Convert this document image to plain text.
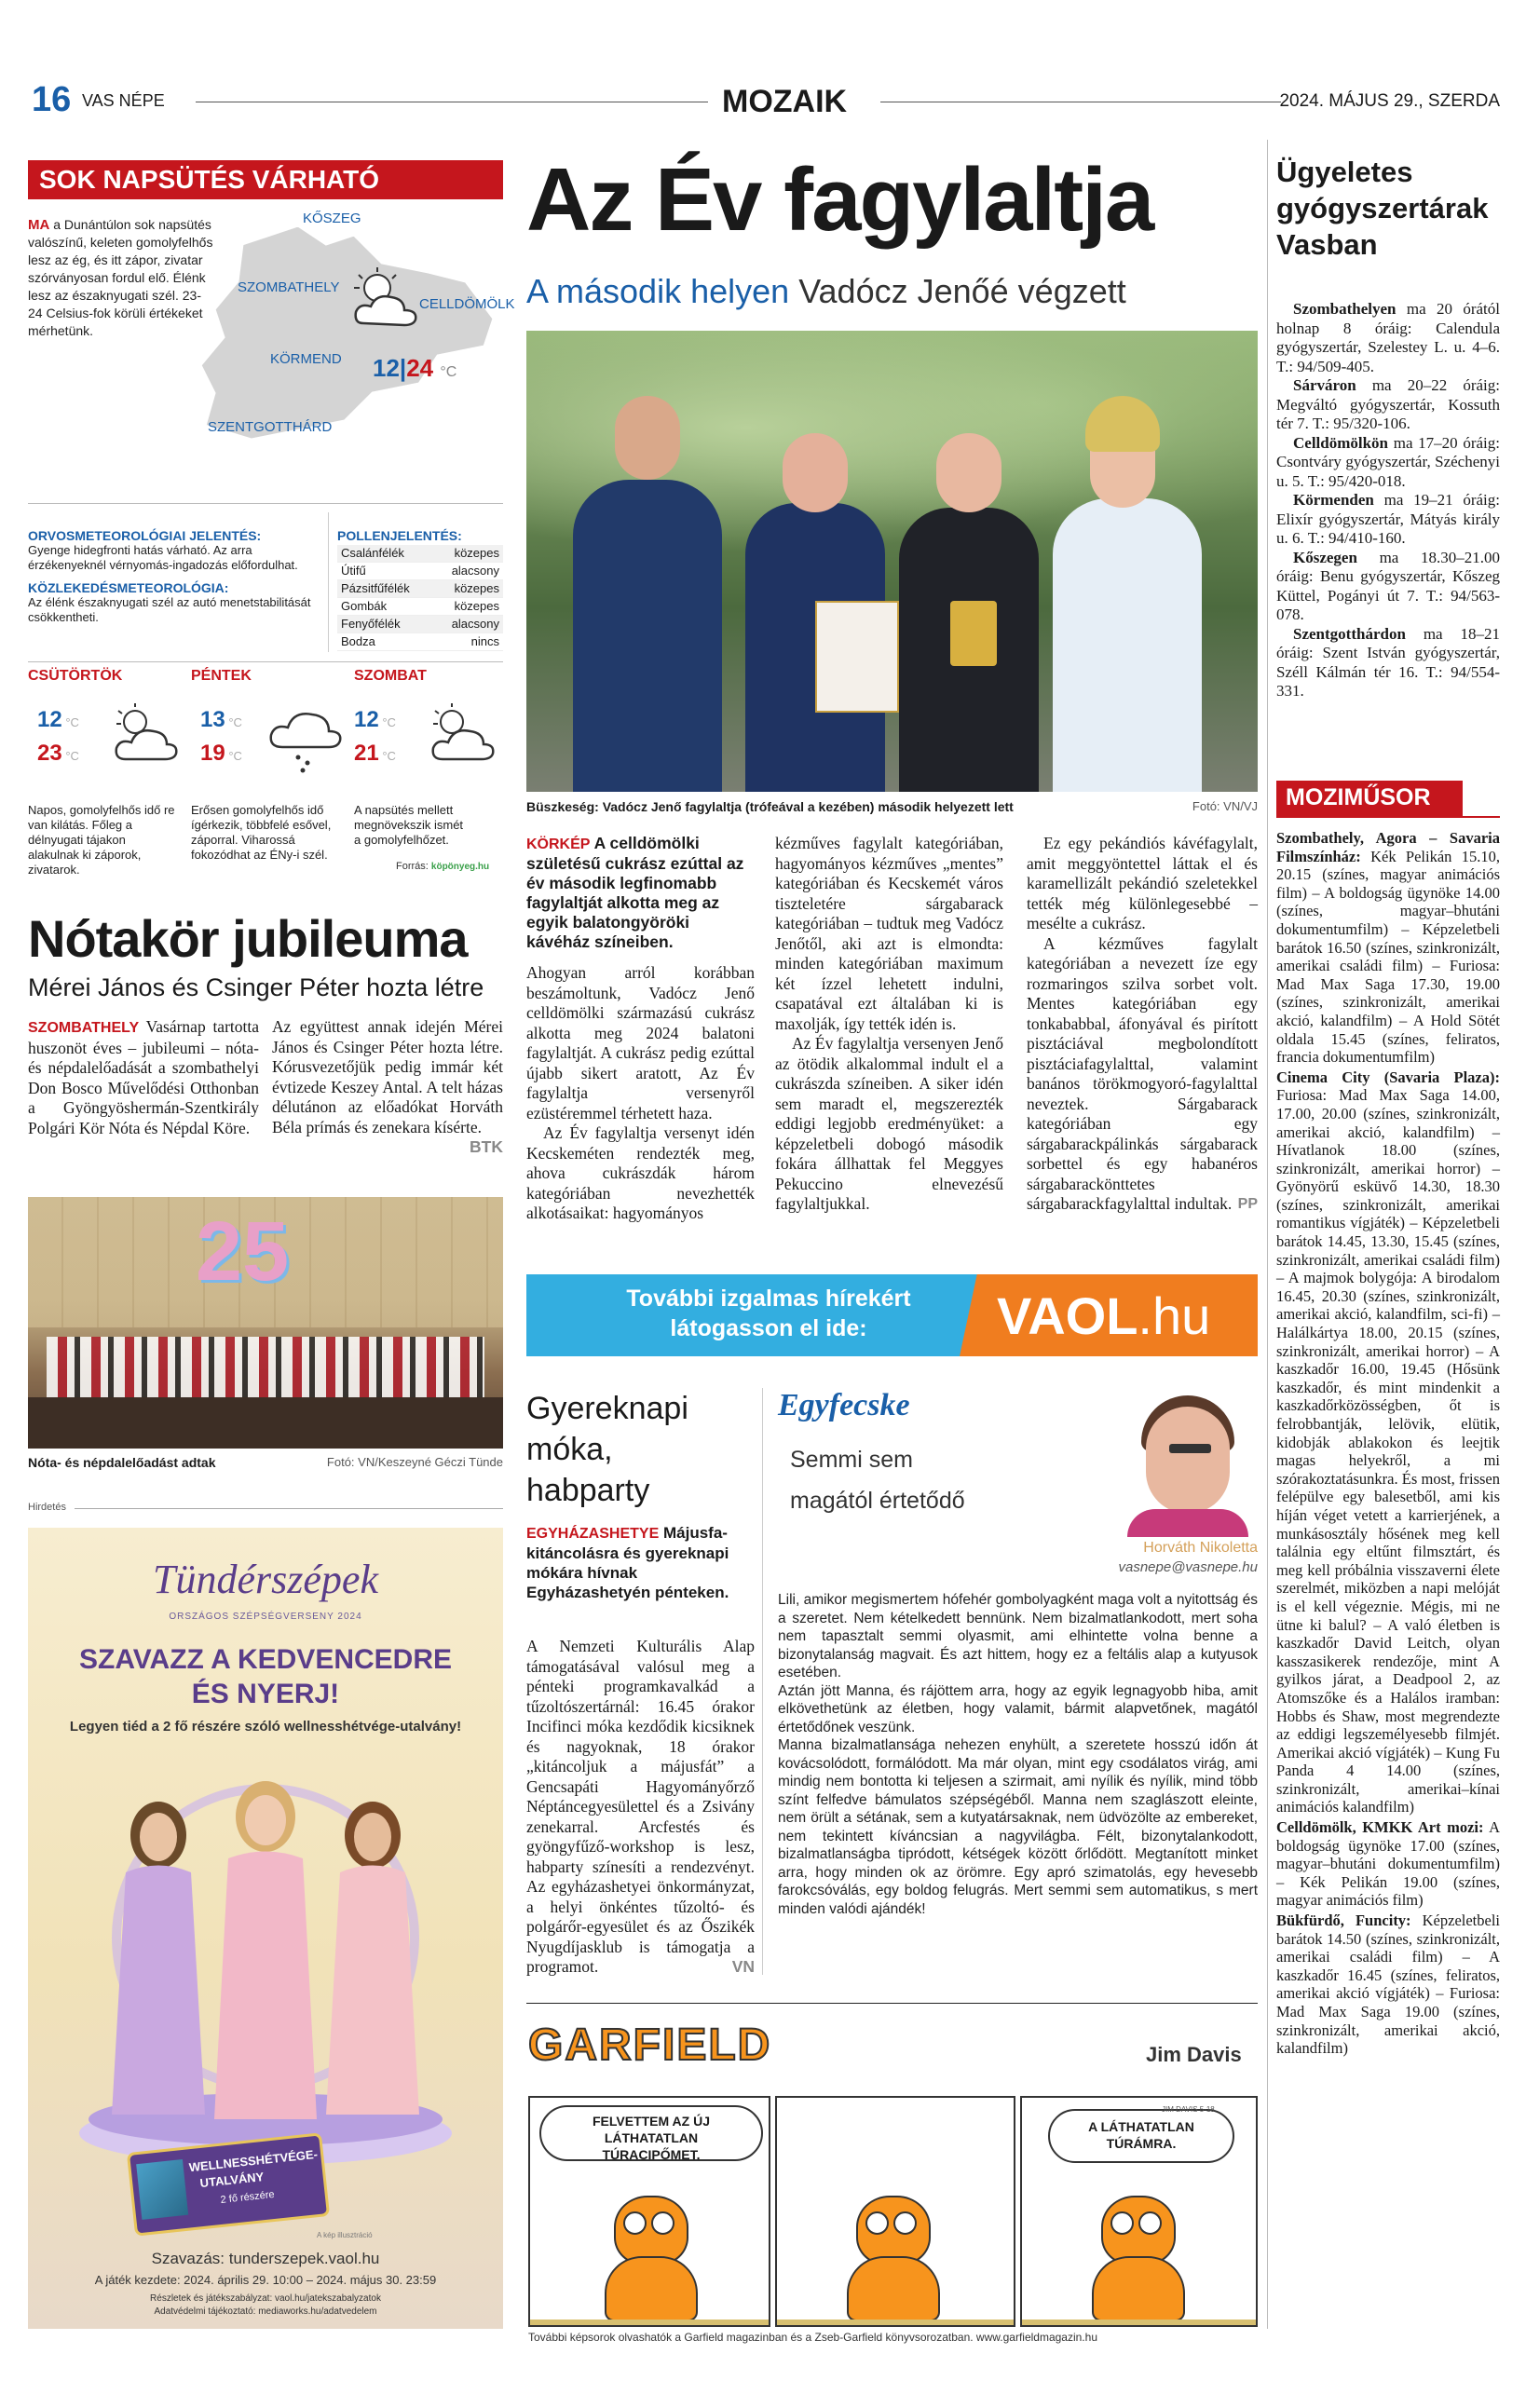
16 VAS NÉPE	MOZAIK	2024. MÁJUS 29., SZERDA
SOK NAPSÜTÉS VÁRHATÓ
MA a Dunántúlon sok napsütés valószínű, keleten gomolyfelhős lesz az ég, és itt zápor, zivatar szórványosan fordul elő. Élénk lesz az északnyugati szél. 23-24 Celsius-fok körüli értékeket mérhetünk.
KŐSZEG
SZOMBATHELY
CELLDÖMÖLK
KÖRMEND
SZENTGOTTHÁRD
12|24 °C
ORVOSMETEOROLÓGIAI JELENTÉS:
Gyenge hidegfronti hatás várható. Az arra érzékenyeknél vérnyomás-ingadozás előfordulhat.
KÖZLEKEDÉSMETEOROLÓGIA:
Az élénk északnyugati szél az autó menetstabilitását csökkentheti.
POLLENJELENTÉS:
Csalánfélék	közepes
Útifű	alacsony
Pázsitfűfélék	közepes
Gombák	közepes
Fenyőfélék	alacsony
Bodza	nincs
CSÜTÖRTÖK
12 °C
23 °C
Napos, gomolyfelhős idő re van kilátás. Főleg a délnyugati tájakon alakulnak ki záporok, zivatarok.
PÉNTEK
13 °C
19 °C
Erősen gomolyfelhős idő ígérkezik, többfelé esővel, záporral. Viharossá fokozódhat az ÉNy-i szél.
SZOMBAT
12 °C
21 °C
A napsütés mellett megnövekszik ismét a gomolyfelhőzet.
Forrás: köpönyeg.hu
Nótakör jubileuma
Mérei János és Csinger Péter hozta létre
SZOMBATHELY Vasárnap tartotta huszonöt éves – jubileumi – nóta- és népdalelőadását a szombathelyi Don Bosco Művelődési Otthonban a Gyöngyöshermán-Szentkirály Polgári Kör Nóta és Népdal Köre.
Az együttest annak idején Mérei János és Csinger Péter hozta létre. Kórusvezetőjük pedig immár két évtizede Keszey Antal. A telt házas délutánon az előadókat Horváth Béla prímás és zenekara kísérte.
BTK
25
Nóta- és népdalelőadást adtak	Fotó: VN/Keszeyné Géczi Tünde
Hirdetés
Tündérszépek
ORSZÁGOS SZÉPSÉGVERSENY 2024
SZAVAZZ A KEDVENCEDRE
ÉS NYERJ!
Legyen tiéd a 2 fő részére szóló wellnesshétvége-utalvány!
WELLNESSHÉTVÉGE-
UTALVÁNY
2 fő részére
A kép illusztráció
Szavazás: tunderszepek.vaol.hu
A játék kezdete: 2024. április 29. 10:00 – 2024. május 30. 23:59
Részletek és játékszabályzat: vaol.hu/jatekszabalyzatok
Adatvédelmi tájékoztató: mediaworks.hu/adatvedelem
Az Év fagylaltja
A második helyen Vadócz Jenőé végzett
Büszkeség: Vadócz Jenő fagylaltja (trófeával a kezében) második helyezett lett	Fotó: VN/VJ
KÖRKÉP A celldömölki születésű cukrász ezúttal az év második legfinomabb fagylaltját alkotta meg az egyik balatongyöröki kávéház színeiben.

Ahogyan arról korábban beszámoltunk, Vadócz Jenő celldömölki származású cukrász alkotta meg 2024 balatoni fagylaltját. A cukrász pedig ezúttal újabb sikert aratott, Az Év fagylaltja versenyről ezüstéremmel térhetett haza.

Az Év fagylaltja versenyt idén Kecskeméten rendezték meg, ahova cukrászdák három kategóriában nevezhették alkotásaikat: hagyományos

kézműves fagylalt kategóriában, hagyományos kézműves „mentes” kategóriában és Kecskemét város tiszteletére sárgabarack kategóriában – tudtuk meg Vadócz Jenőtől, aki azt is elmondta: minden kategóriában maximum két ízzel lehetett indulni, csapatával ezt általában ki is maxolják, így tették idén is.

Az Év fagylaltja versenyen Jenő az ötödik alkalommal indult el a cukrászda színeiben. A siker idén sem maradt el, megszerezték eddigi legjobb eredményüket: a képzeletbeli dobogó második fokára állhattak fel Meggyes Pekuccino elnevezésű fagylaltjukkal.

Ez egy pekándiós kávéfagylalt, amit meggyöntettel láttak el és karamellizált pekándió szeletekkel tették még különlegesebbé – mesélte a cukrász.

A kézműves fagylalt kategóriában a nevezett íze egy rozmaringos szilva sorbet volt. Mentes kategóriában egy tonkababbal, áfonyával és pirított pisztáciával megbolondított pisztáciafagylalttal, valamint banános törökmogyoró-fagylalttal neveztek. Sárgabarack kategóriában egy sárgabarackpálinkás sárgabarack sorbettel és egy habanéros sárgabarackönttetes sárgabarackfagylalttal indultak. PP
További izgalmas hírekért
látogasson el ide:	VAOL.hu
Gyereknapi
móka,
habparty
EGYHÁZASHETYE Májusfa-kitáncolásra és gyereknapi mókára hívnak Egyházashetyén pénteken.
A Nemzeti Kulturális Alap támogatásával valósul meg a pénteki programkavalkád a tűzoltószertárnál: 16.45 órakor Incifinci móka kezdődik kicsiknek és nagyoknak, 18 órakor „kitáncoljuk a májusfát” a Gencsapáti Hagyományőrző Néptáncegyesülettel és a Zsivány zenekarral. Arcfestés és gyöngyfűző-workshop is lesz, habparty színesíti a rendezvényt. Az egyházashetyei önkormányzat, a helyi önkéntes tűzoltó- és polgárőr-egyesület és az Őszikék Nyugdíjasklub is támogatja a programot.	VN
Egyfecske
Semmi sem
magától értetődő
Horváth Nikoletta
vasnepe@vasnepe.hu

Lili, amikor megismertem hófehér gombolyagként maga volt a nyitottság és a szeretet. Nem kételkedett bennünk. Nem bizalmatlankodott, mert soha nem tapasztalt semmi olyasmit, ami elhintette volna benne a bizonytalanság magvait. És azt hittem, hogy ez a feltális alap a kutyusok esetében.

Aztán jött Manna, és rájöttem arra, hogy az egyik legnagyobb hiba, amit elkövethetünk az életben, hogy valamit, bármit alapvetőnek, magától értetődőnek veszünk.

Manna bizalmatlansága nehezen enyhült, a szeretete hosszú időn át kovácsolódott, formálódott. Ma már olyan, mint egy csodálatos virág, ami mindig nem bontotta ki teljesen a szirmait, ami nyílik és nyílik, mind több színt felfedve bámulatos szépségéből. Manna nem szaglászott eleinte, nem örült a sétának, sem a kutyatársaknak, nem üdvözölte az embereket, nem tekintett kíváncsian a nagyvilágba. Félt, bizonytalankodott, bizalmatlanságba tipródott, kétségek között őrlődött. Megtanított minket arra, hogy minden ok az örömre. Egy apró szimatolás, egy hevesebb farokcsóválás, egy boldog felugrás. Mert semmi sem automatikus, s mert minden valódi ajándék!

GARFIELD	Jim Davis
FELVETTEM AZ ÚJ LÁTHATATLAN TÚRACIPŐMET.
A LÁTHATATLAN TÚRÁMRA.
JIM DAVIS 5-18
További képsorok olvashatók a Garfield magazinban és a Zseb-Garfield könyvsorozatban. www.garfieldmagazin.hu
Ügyeletes gyógyszertárak Vasban

Szombathelyen ma 20 órától holnap 8 óráig: Calendula gyógyszertár, Szelestey L. u. 4–6. T.: 94/509-405.

Sárváron ma 20–22 óráig: Megváltó gyógyszertár, Kossuth tér 7. T.: 95/320-106.

Celldömölkön ma 17–20 óráig: Csontváry gyógyszertár, Széchenyi u. 5. T.: 95/420-018.

Körmenden ma 19–21 óráig: Elixír gyógyszertár, Mátyás király u. 6. T.: 94/410-160.

Kőszegen ma 18.30–21.00 óráig: Benu gyógyszertár, Kőszeg Küttel, Pogányi út 7. T.: 94/563-078.

Szentgotthárdon ma 18–21 óráig: Szent István gyógyszertár, Széll Kálmán tér 16. T.: 94/554-331.

MOZIMŰSOR

Szombathely, Agora – Savaria Filmszínház: Kék Pelikán 15.10, 20.15 (színes, magyar animációs film) – A boldogság ügynöke 14.00 (színes, magyar–bhutáni dokumentumfilm) – Képzeletbeli barátok 16.50 (színes, szinkronizált, amerikai családi film) – Furiosa: Mad Max Saga 17.30, 19.00 (színes, szinkronizált, amerikai akció, kalandfilm) – A Hold Sötét oldala 15.45 (színes, feliratos, francia dokumentumfilm)

Cinema City (Savaria Plaza): Furiosa: Mad Max Saga 14.00, 17.00, 20.00 (színes, szinkronizált, amerikai akció, kalandfilm) – Hívatlanok 18.00 (színes, szinkronizált, amerikai horror) – Gyönyörű esküvő 14.30, 18.30 (színes, szinkronizált, amerikai romantikus vígjáték) – Képzeletbeli barátok 14.45, 13.30, 15.45 (színes, szinkronizált, amerikai családi film) – A majmok bolygója: A birodalom 16.45, 20.30 (színes, szinkronizált, amerikai akció, kalandfilm, sci-fi) – Halálkártya 18.00, 20.15 (színes, szinkronizált, amerikai horror) – A kaszkadőr 16.00, 19.45 (Hősünk kaszkadőr, és mint mindenkit a kaszkadőrközösségben, őt is felrobbantják, lelövik, elütik, kidobják ablakokon és leejtik magas helyekről, a mi szórakoztatásunkra. És most, frissen felépülve egy balesetből, ami kis híján véget vetett a karrierjének, a munkásosztály hősének meg kell találnia egy eltűnt filmsztárt, és meg kell próbálnia visszaverni élete szerelmét, miközben a napi melóját is el kell végeznie. Mégis, mi ne ütne ki balul? – A való életben is kaszkadőr David Leitch, olyan kasszasikerek rendezője, mint A gyilkos járat, a Deadpool 2, az Atomszőke és a Halálos iramban: Hobbs és Shaw, most megrendezte az eddigi legszemélyesebb filmjét. Amerikai akció vígjáték) – Kung Fu Panda 4 14.00 (színes, szinkronizált, amerikai–kínai animációs kalandfilm)

Celldömölk, KMKK Art mozi: A boldogság ügynöke 17.00 (színes, magyar–bhutáni dokumentumfilm) – Kék Pelikán 19.00 (színes, magyar animációs film)

Bükfürdő, Funcity: Képzeletbeli barátok 14.50 (színes, szinkronizált, amerikai családi film) – A kaszkadőr 16.45 (színes, feliratos, amerikai akció vígjáték) – Furiosa: Mad Max Saga 19.00 (színes, szinkronizált, amerikai akció, kalandfilm)
